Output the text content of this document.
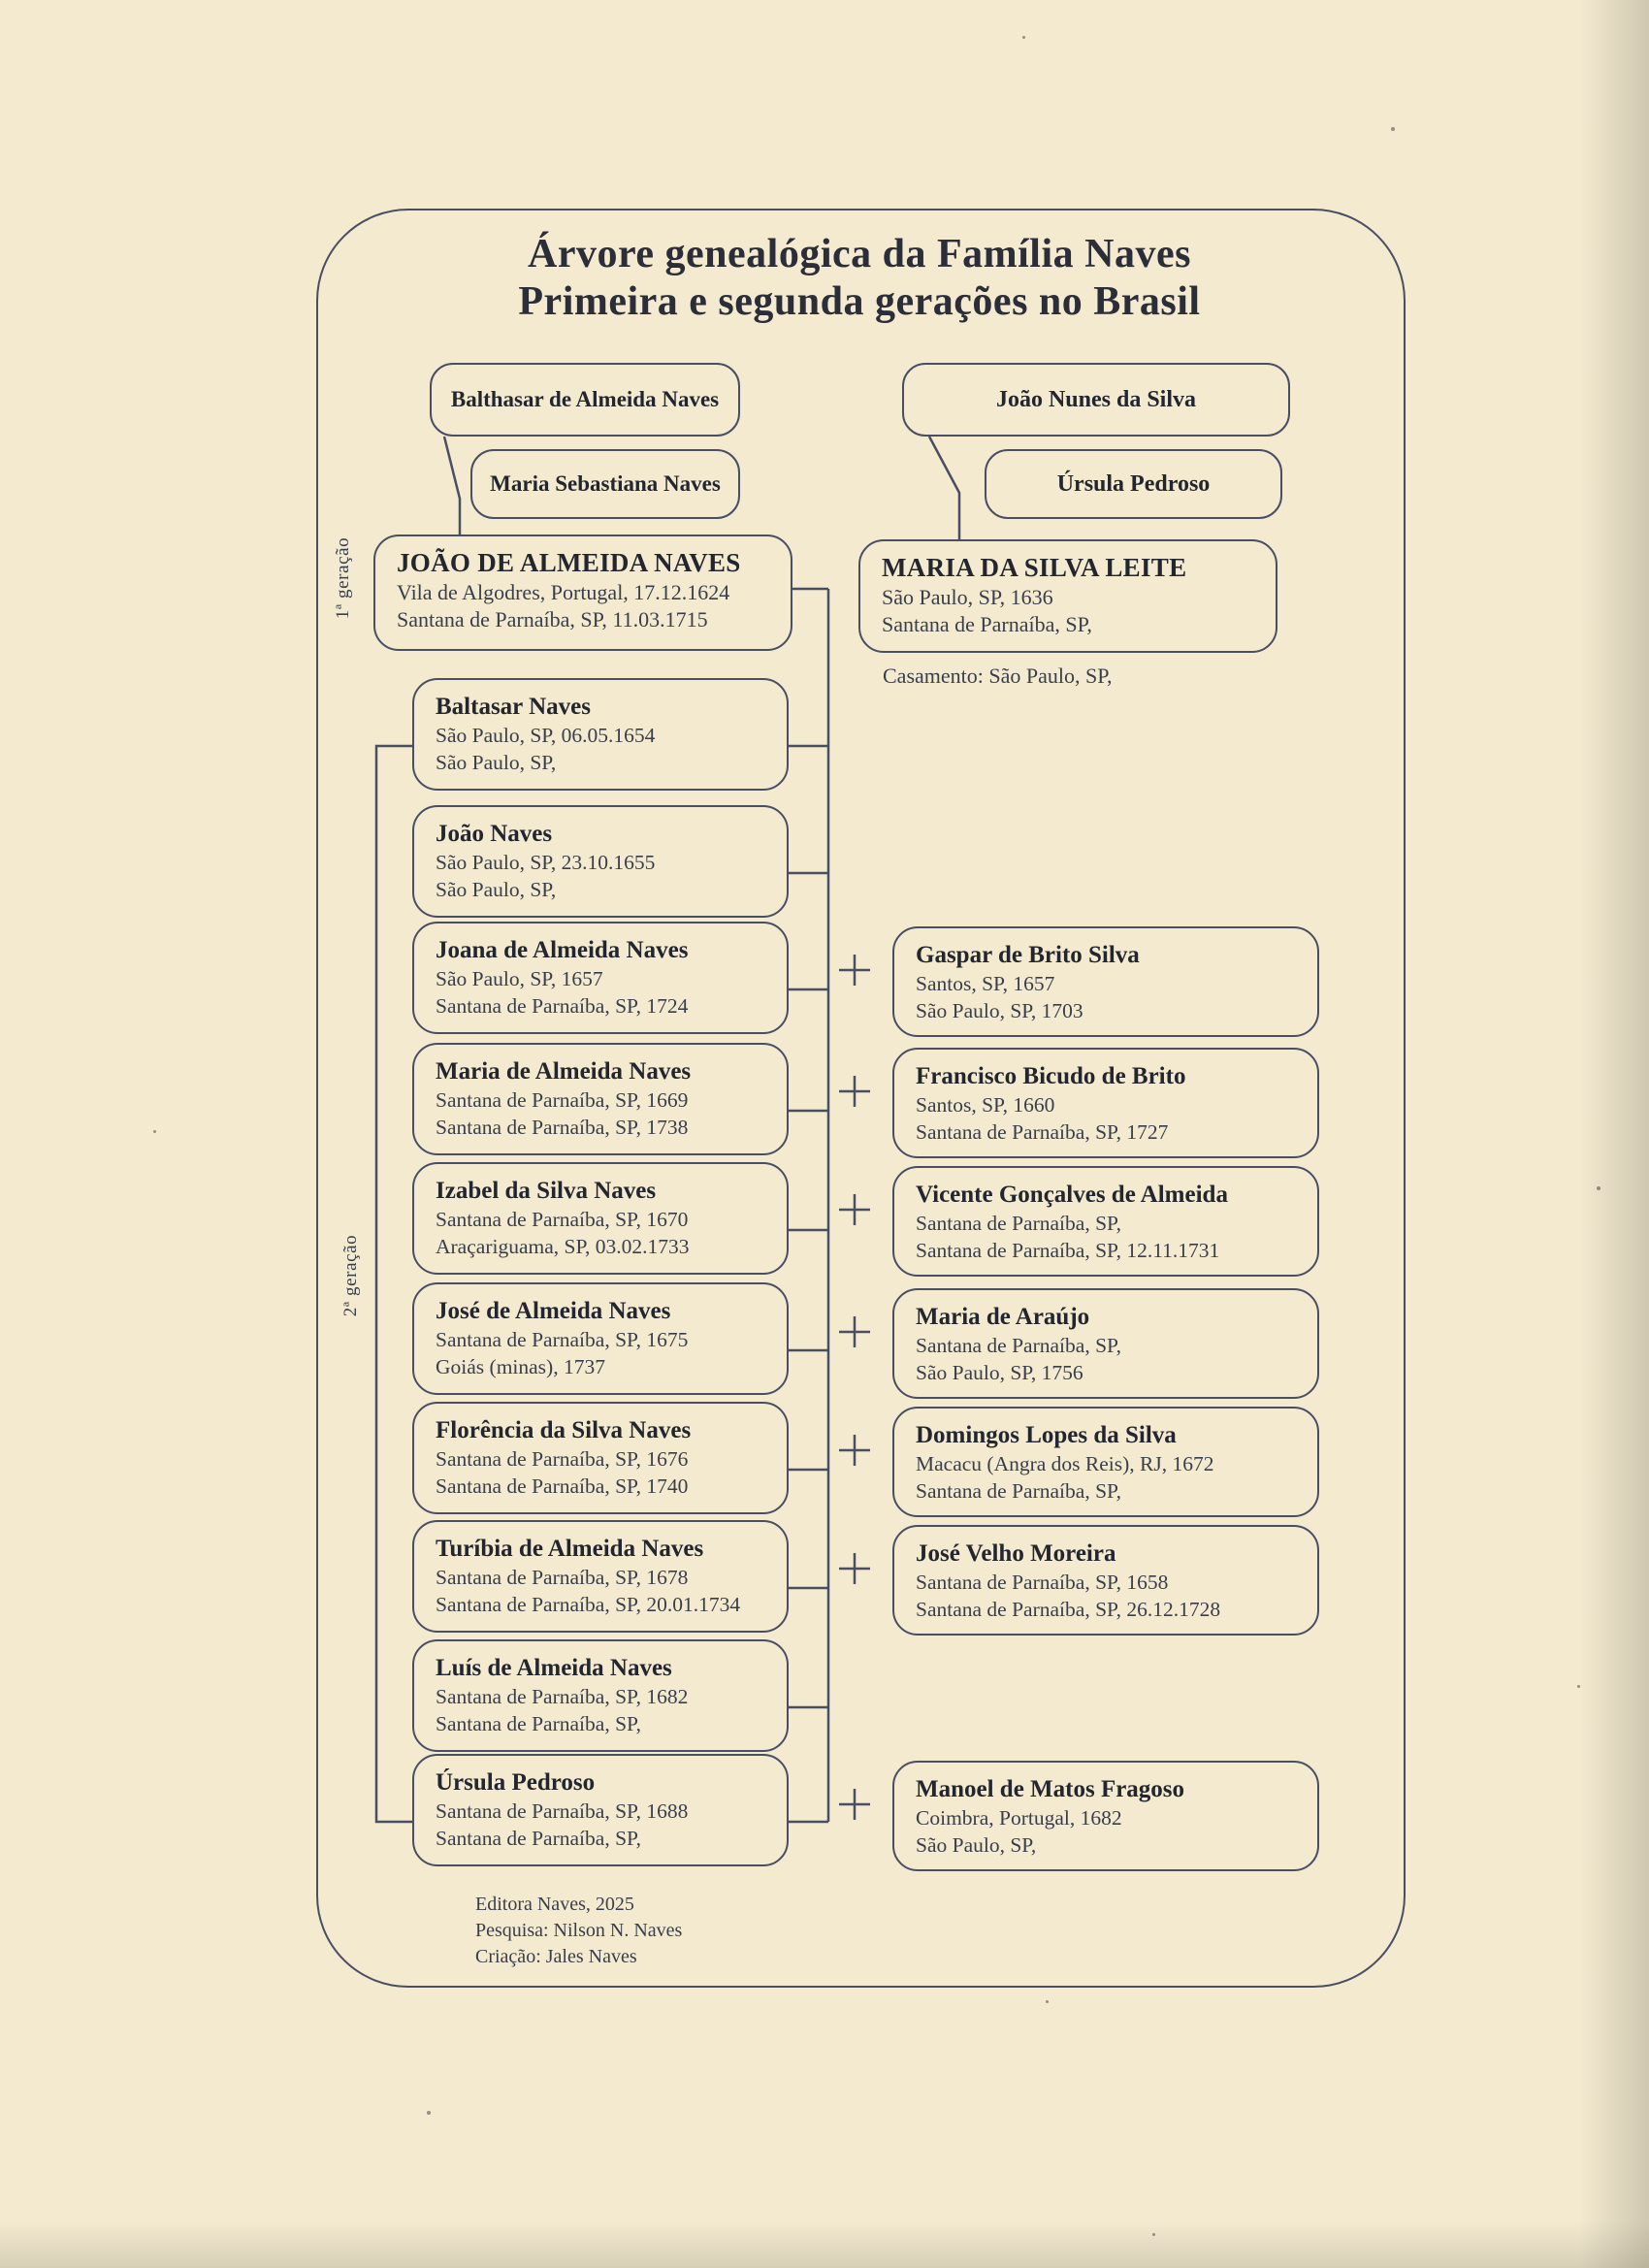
Árvore genealógica da Família Naves
Primeira e segunda gerações no Brasil
1ª geração
2ª geração
Balthasar de Almeida Naves
Maria Sebastiana Naves
João Nunes da Silva
Úrsula Pedroso
JOÃO DE ALMEIDA NAVES
Vila de Algodres, Portugal, 17.12.1624
Santana de Parnaíba, SP, 11.03.1715
MARIA DA SILVA LEITE
São Paulo, SP, 1636
Santana de Parnaíba, SP,
Casamento: São Paulo, SP,
Baltasar Naves
São Paulo, SP, 06.05.1654
São Paulo, SP,
João Naves
São Paulo, SP, 23.10.1655
São Paulo, SP,
Joana de Almeida Naves
São Paulo, SP, 1657
Santana de Parnaíba, SP, 1724
Maria de Almeida Naves
Santana de Parnaíba, SP, 1669
Santana de Parnaíba, SP, 1738
Izabel da Silva Naves
Santana de Parnaíba, SP, 1670
Araçariguama, SP, 03.02.1733
José de Almeida Naves
Santana de Parnaíba, SP, 1675
Goiás (minas), 1737
Florência da Silva Naves
Santana de Parnaíba, SP, 1676
Santana de Parnaíba, SP, 1740
Turíbia de Almeida Naves
Santana de Parnaíba, SP, 1678
Santana de Parnaíba, SP, 20.01.1734
Luís de Almeida Naves
Santana de Parnaíba, SP, 1682
Santana de Parnaíba, SP,
Úrsula Pedroso
Santana de Parnaíba, SP, 1688
Santana de Parnaíba, SP,
Gaspar de Brito Silva
Santos, SP, 1657
São Paulo, SP, 1703
Francisco Bicudo de Brito
Santos, SP, 1660
Santana de Parnaíba, SP, 1727
Vicente Gonçalves de Almeida
Santana de Parnaíba, SP,
Santana de Parnaíba, SP, 12.11.1731
Maria de Araújo
Santana de Parnaíba, SP,
São Paulo, SP, 1756
Domingos Lopes da Silva
Macacu (Angra dos Reis), RJ, 1672
Santana de Parnaíba, SP,
José Velho Moreira
Santana de Parnaíba, SP, 1658
Santana de Parnaíba, SP, 26.12.1728
Manoel de Matos Fragoso
Coimbra, Portugal, 1682
São Paulo, SP,
Editora Naves, 2025
Pesquisa: Nilson N. Naves
Criação: Jales Naves
